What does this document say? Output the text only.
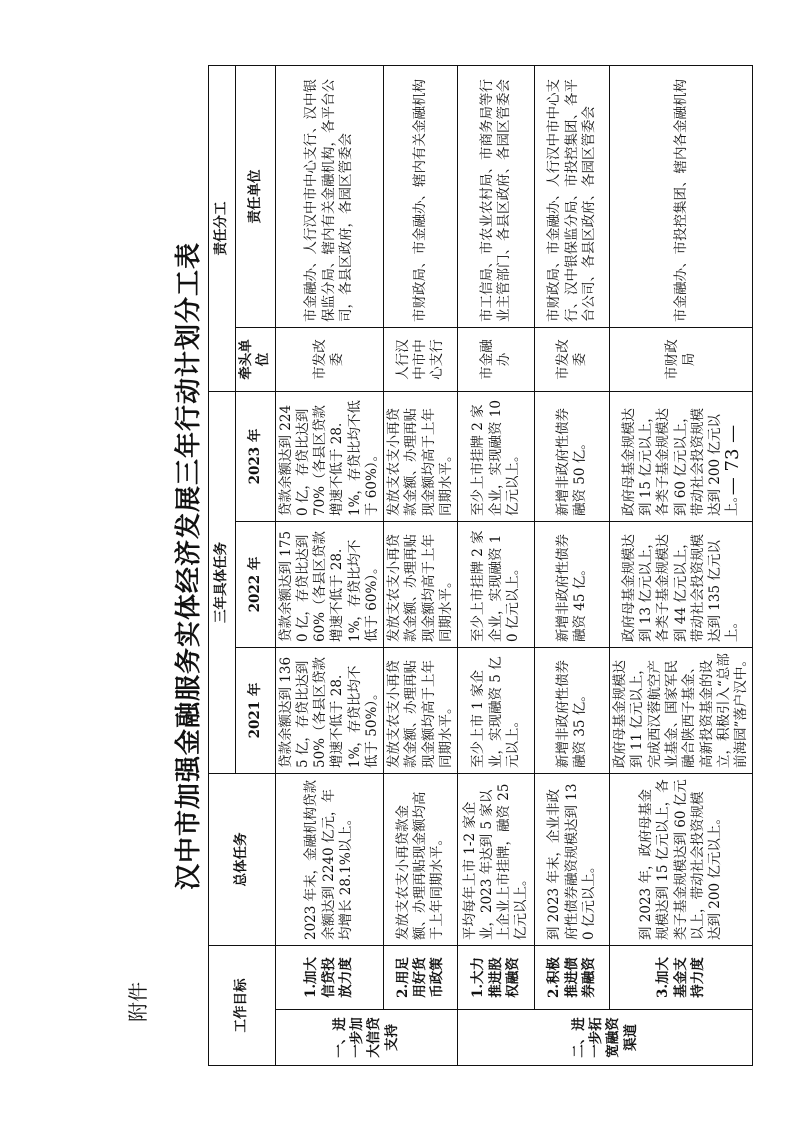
附件
— 73 —
汉中市加强金融服务实体经济发展三年行动计划分工表
工作目标		总体任务	三年具体任务			责任分工	
			2021 年	2022 年	2023 年	牵头单位	责任单位
一、进一步加大信贷支持	1.加大信贷投放力度	2023 年末，金融机构贷款余额达到 2240 亿元，年均增长 28.1%以上。	贷款余额达到 1365 亿，存贷比达到 50%（各县区贷款增速不低于 28.1%，存贷比均不低于 50%）。	贷款余额达到 1750 亿，存贷比达到 60%（各县区贷款增速不低于 28.1%，存贷比均不低于 60%）。	贷款余额达到 2240 亿，存贷比达到 70%（各县区贷款增速不低于 28.1%，存贷比均不低于 60%）。	市发改委	市金融办、人行汉中市中心支行、汉中银保监分局、辖内有关金融机构，各平台公司，各县区政府，各园区管委会
	2.用足用好货币政策	发放支农支小再贷款金额、办理再贴现金额均高于上年同期水平。	发放支农支小再贷款金额、办理再贴现金额均高于上年同期水平。	发放支农支小再贷款金额、办理再贴现金额均高于上年同期水平。	发放支农支小再贷款金额、办理再贴现金额均高于上年同期水平。	人行汉中市中心支行	市财政局、市金融办、辖内有关金融机构
二、进一步拓宽融资渠道	1.大力推进股权融资	平均每年上市 1-2 家企业，2023 年达到 5 家以上企业上市挂牌，融资 25 亿元以上。	至少上市 1 家企业，实现融资 5 亿元以上。	至少上市挂牌 2 家企业，实现融资 10 亿元以上。	至少上市挂牌 2 家企业，实现融资 10 亿元以上。	市金融办	市工信局、市农业农村局、市商务局等行业主管部门、各县区政府、各园区管委会
	2.积极推进债券融资	到 2023 年末，企业非政府性债券融资规模达到 130 亿元以上。	新增非政府性债券融资 35 亿。	新增非政府性债券融资 45 亿。	新增非政府性债券融资 50 亿。	市发改委	市财政局、市金融办、人行汉中市中心支行、汉中银保监分局、市投控集团、各平台公司、各县区政府、各园区管委会
	3.加大基金支持力度	到 2023 年，政府母基金规模达到 15 亿元以上，各类子基金规模达到 60 亿元以上，带动社会投资规模达到 200 亿元以上。	政府母基金规模达到 11 亿元以上，完成西汉蓉航空产业基金、国家军民融合陕西子基金、高新投资基金的设立，积极引入“总部前海园”落户汉中。	政府母基金规模达到 13 亿元以上，各类子基金规模达到 44 亿元以上，带动社会投资规模达到 135 亿元以上。	政府母基金规模达到 15 亿元以上，各类子基金规模达到 60 亿元以上，带动社会投资规模达到 200 亿元以上。	市财政局	市金融办、市投控集团、辖内各金融机构
